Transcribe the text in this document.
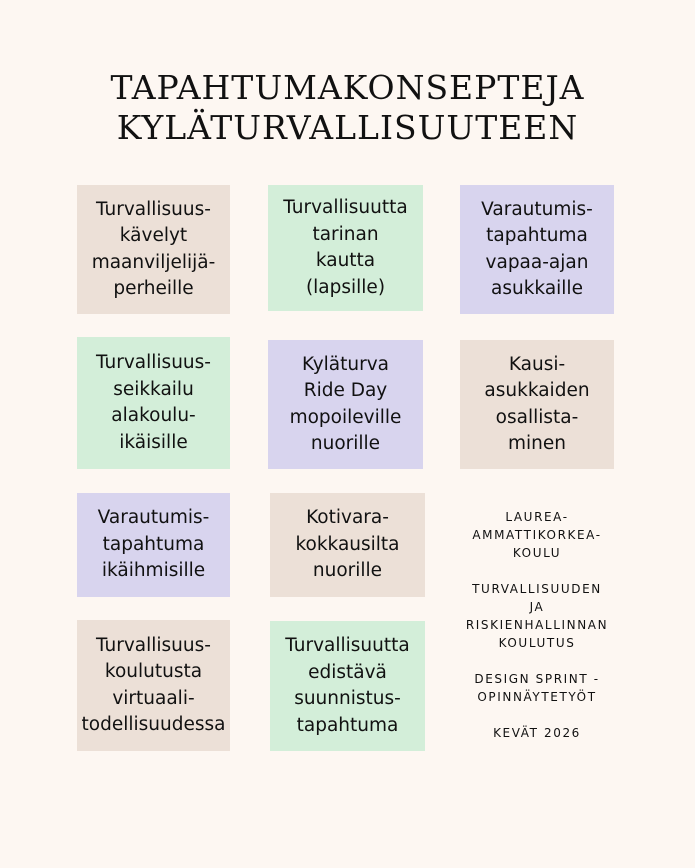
TAPAHTUMAKONSEPTEJA
KYLÄTURVALLISUUTEEN
Turvallisuus-
kävelyt
maanviljelijä-
perheille
Turvallisuutta
tarinan
kautta
(lapsille)
Varautumis-
tapahtuma
vapaa-ajan
asukkaille
Turvallisuus-
seikkailu
alakoulu-
ikäisille
Kyläturva
Ride Day
mopoileville
nuorille
Kausi-
asukkaiden
osallista-
minen
Varautumis-
tapahtuma
ikäihmisille
Kotivara-
kokkausilta
nuorille
Turvallisuus-
koulutusta
virtuaali-
todellisuudessa
Turvallisuutta
edistävä
suunnistus-
tapahtuma
LAUREA-
AMMATTIKORKEA-
KOULU
TURVALLISUUDEN
JA
RISKIENHALLINNAN
KOULUTUS
DESIGN SPRINT -
OPINNÄYTETYÖT
KEVÄT 2026
